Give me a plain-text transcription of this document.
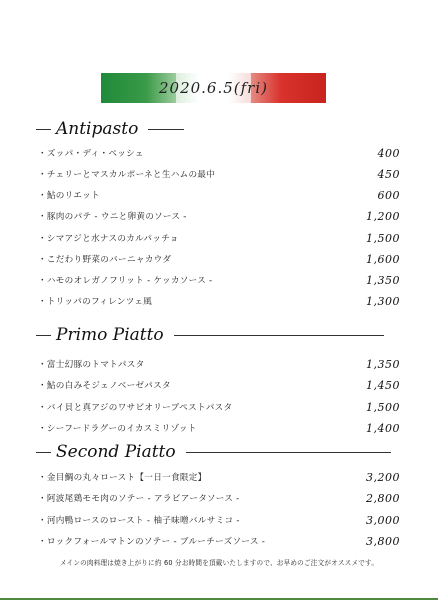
2020.6.5(fri)
Antipasto
・ズッパ・ディ・ペッシェ	400
・チェリーとマスカルポーネと生ハムの最中	450
・鮎のリエット	600
・豚肉のパテ - ウニと卵黄のソース -	1,200
・シマアジと水ナスのカルパッチョ	1,500
・こだわり野菜のバーニャカウダ	1,600
・ハモのオレガノフリット - ケッカソース -	1,350
・トリッパのフィレンツェ風	1,300
Primo Piatto
・富士幻豚のトマトパスタ	1,350
・鮎の白みそジェノベーゼパスタ	1,450
・バイ貝と真アジのワサビオリーブペストパスタ	1,500
・シーフードラグーのイカスミリゾット	1,400
Second Piatto
・金目鯛の丸々ロースト【一日一食限定】	3,200
・阿波尾鶏モモ肉のソテー - アラビアータソース -	2,800
・河内鴨ロースのロースト - 柚子味噌バルサミコ -	3,000
・ロックフォールマトンのソテー - ブルーチーズソース -	3,800
メインの肉料理は焼き上がりに約 60 分お時間を頂戴いたしますので、お早めのご注文がオススメです。
